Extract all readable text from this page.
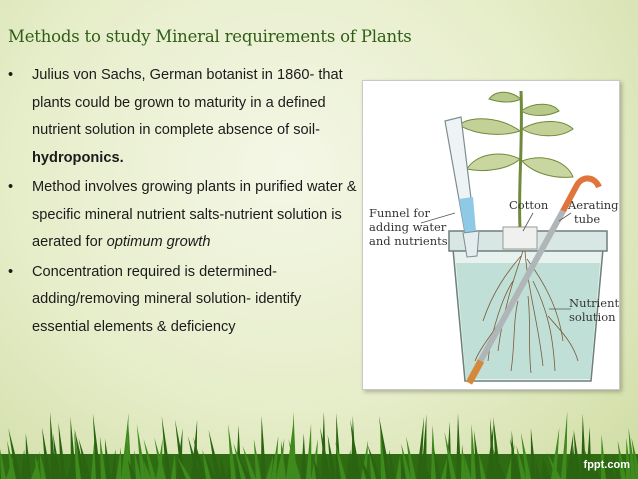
Methods to study Mineral requirements of Plants
• Julius von Sachs, German botanist in 1860- that plants could be grown to maturity in a defined nutrient solution in complete absence of soil- hydroponics.
• Method involves growing plants in purified water & specific mineral nutrient salts-nutrient solution is aerated for optimum growth
• Concentration required is determined-adding/removing mineral solution- identify essential elements & deficiency
Funnel for
adding water
and nutrients
Cotton Aerating
tube
Nutrient
solution
fppt.com
